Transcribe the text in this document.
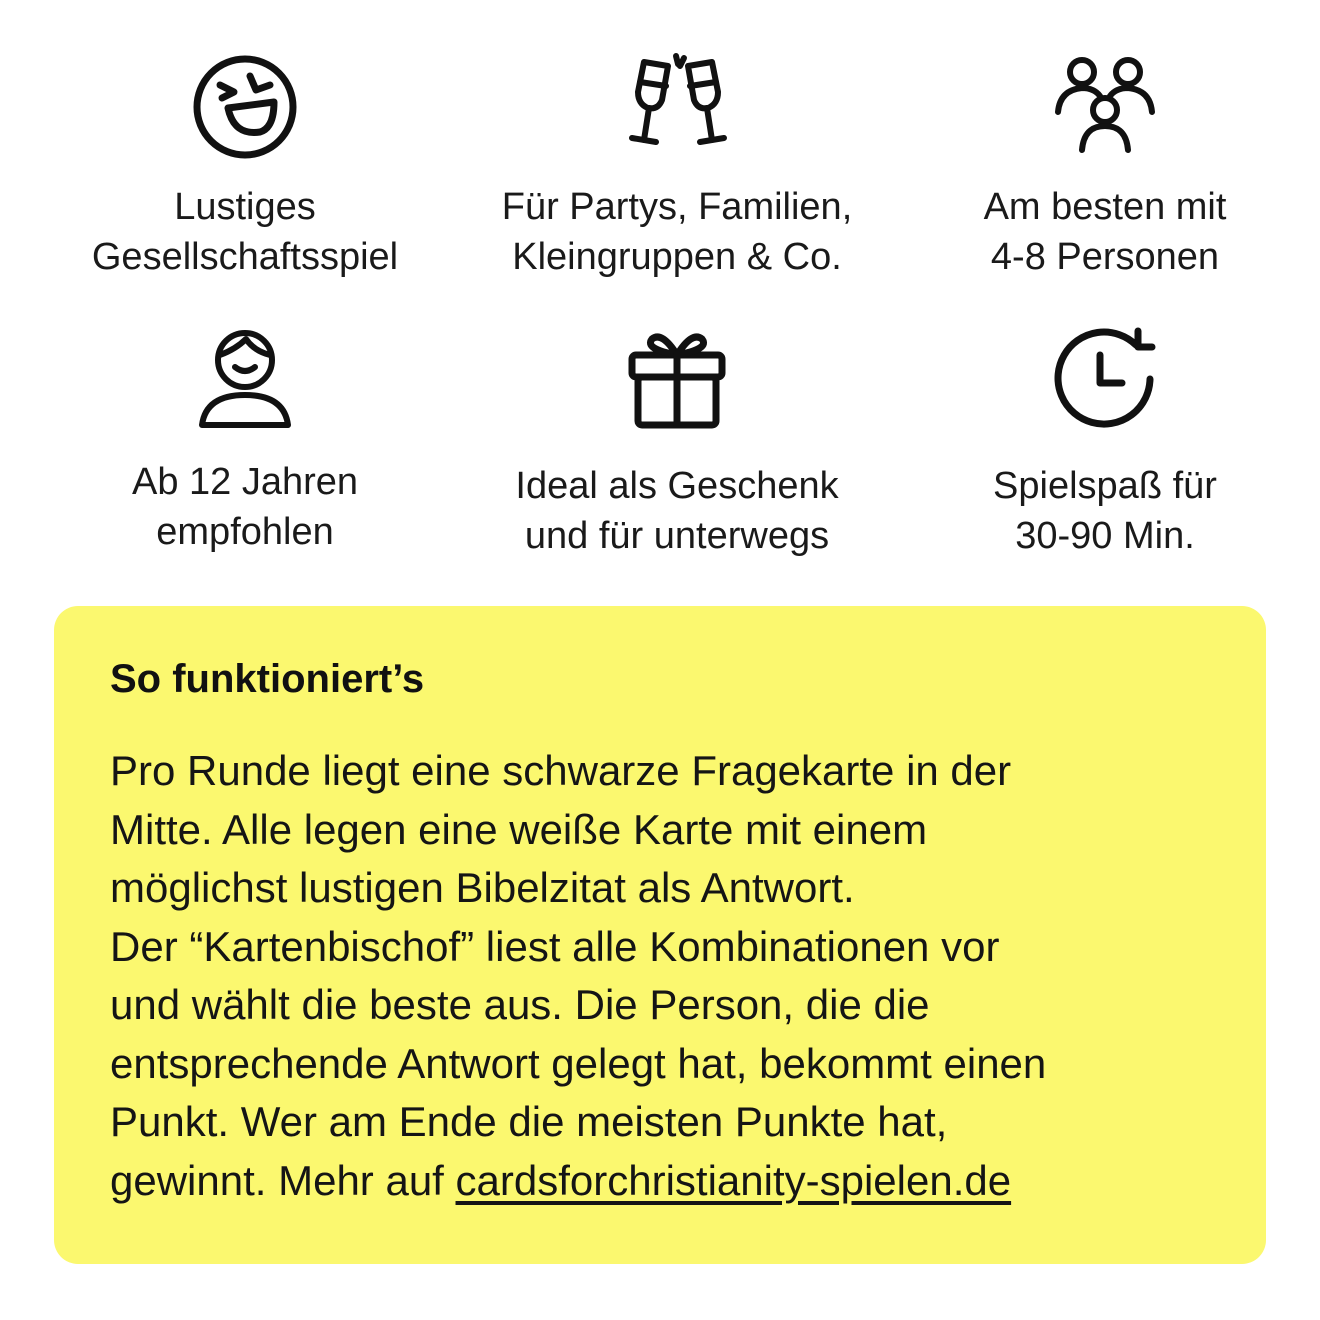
Lustiges
Gesellschaftsspiel
Für Partys, Familien,
Kleingruppen & Co.
Am besten mit
4-8 Personen
Ab 12 Jahren
empfohlen
Ideal als Geschenk
und für unterwegs
Spielspaß für
30-90 Min.
So funktioniert’s
Pro Runde liegt eine schwarze Fragekarte in der
Mitte. Alle legen eine weiße Karte mit einem
möglichst lustigen Bibelzitat als Antwort.
Der “Kartenbischof” liest alle Kombinationen vor
und wählt die beste aus. Die Person, die die
entsprechende Antwort gelegt hat, bekommt einen
Punkt. Wer am Ende die meisten Punkte hat,
gewinnt. Mehr auf cardsforchristianity-spielen.de
